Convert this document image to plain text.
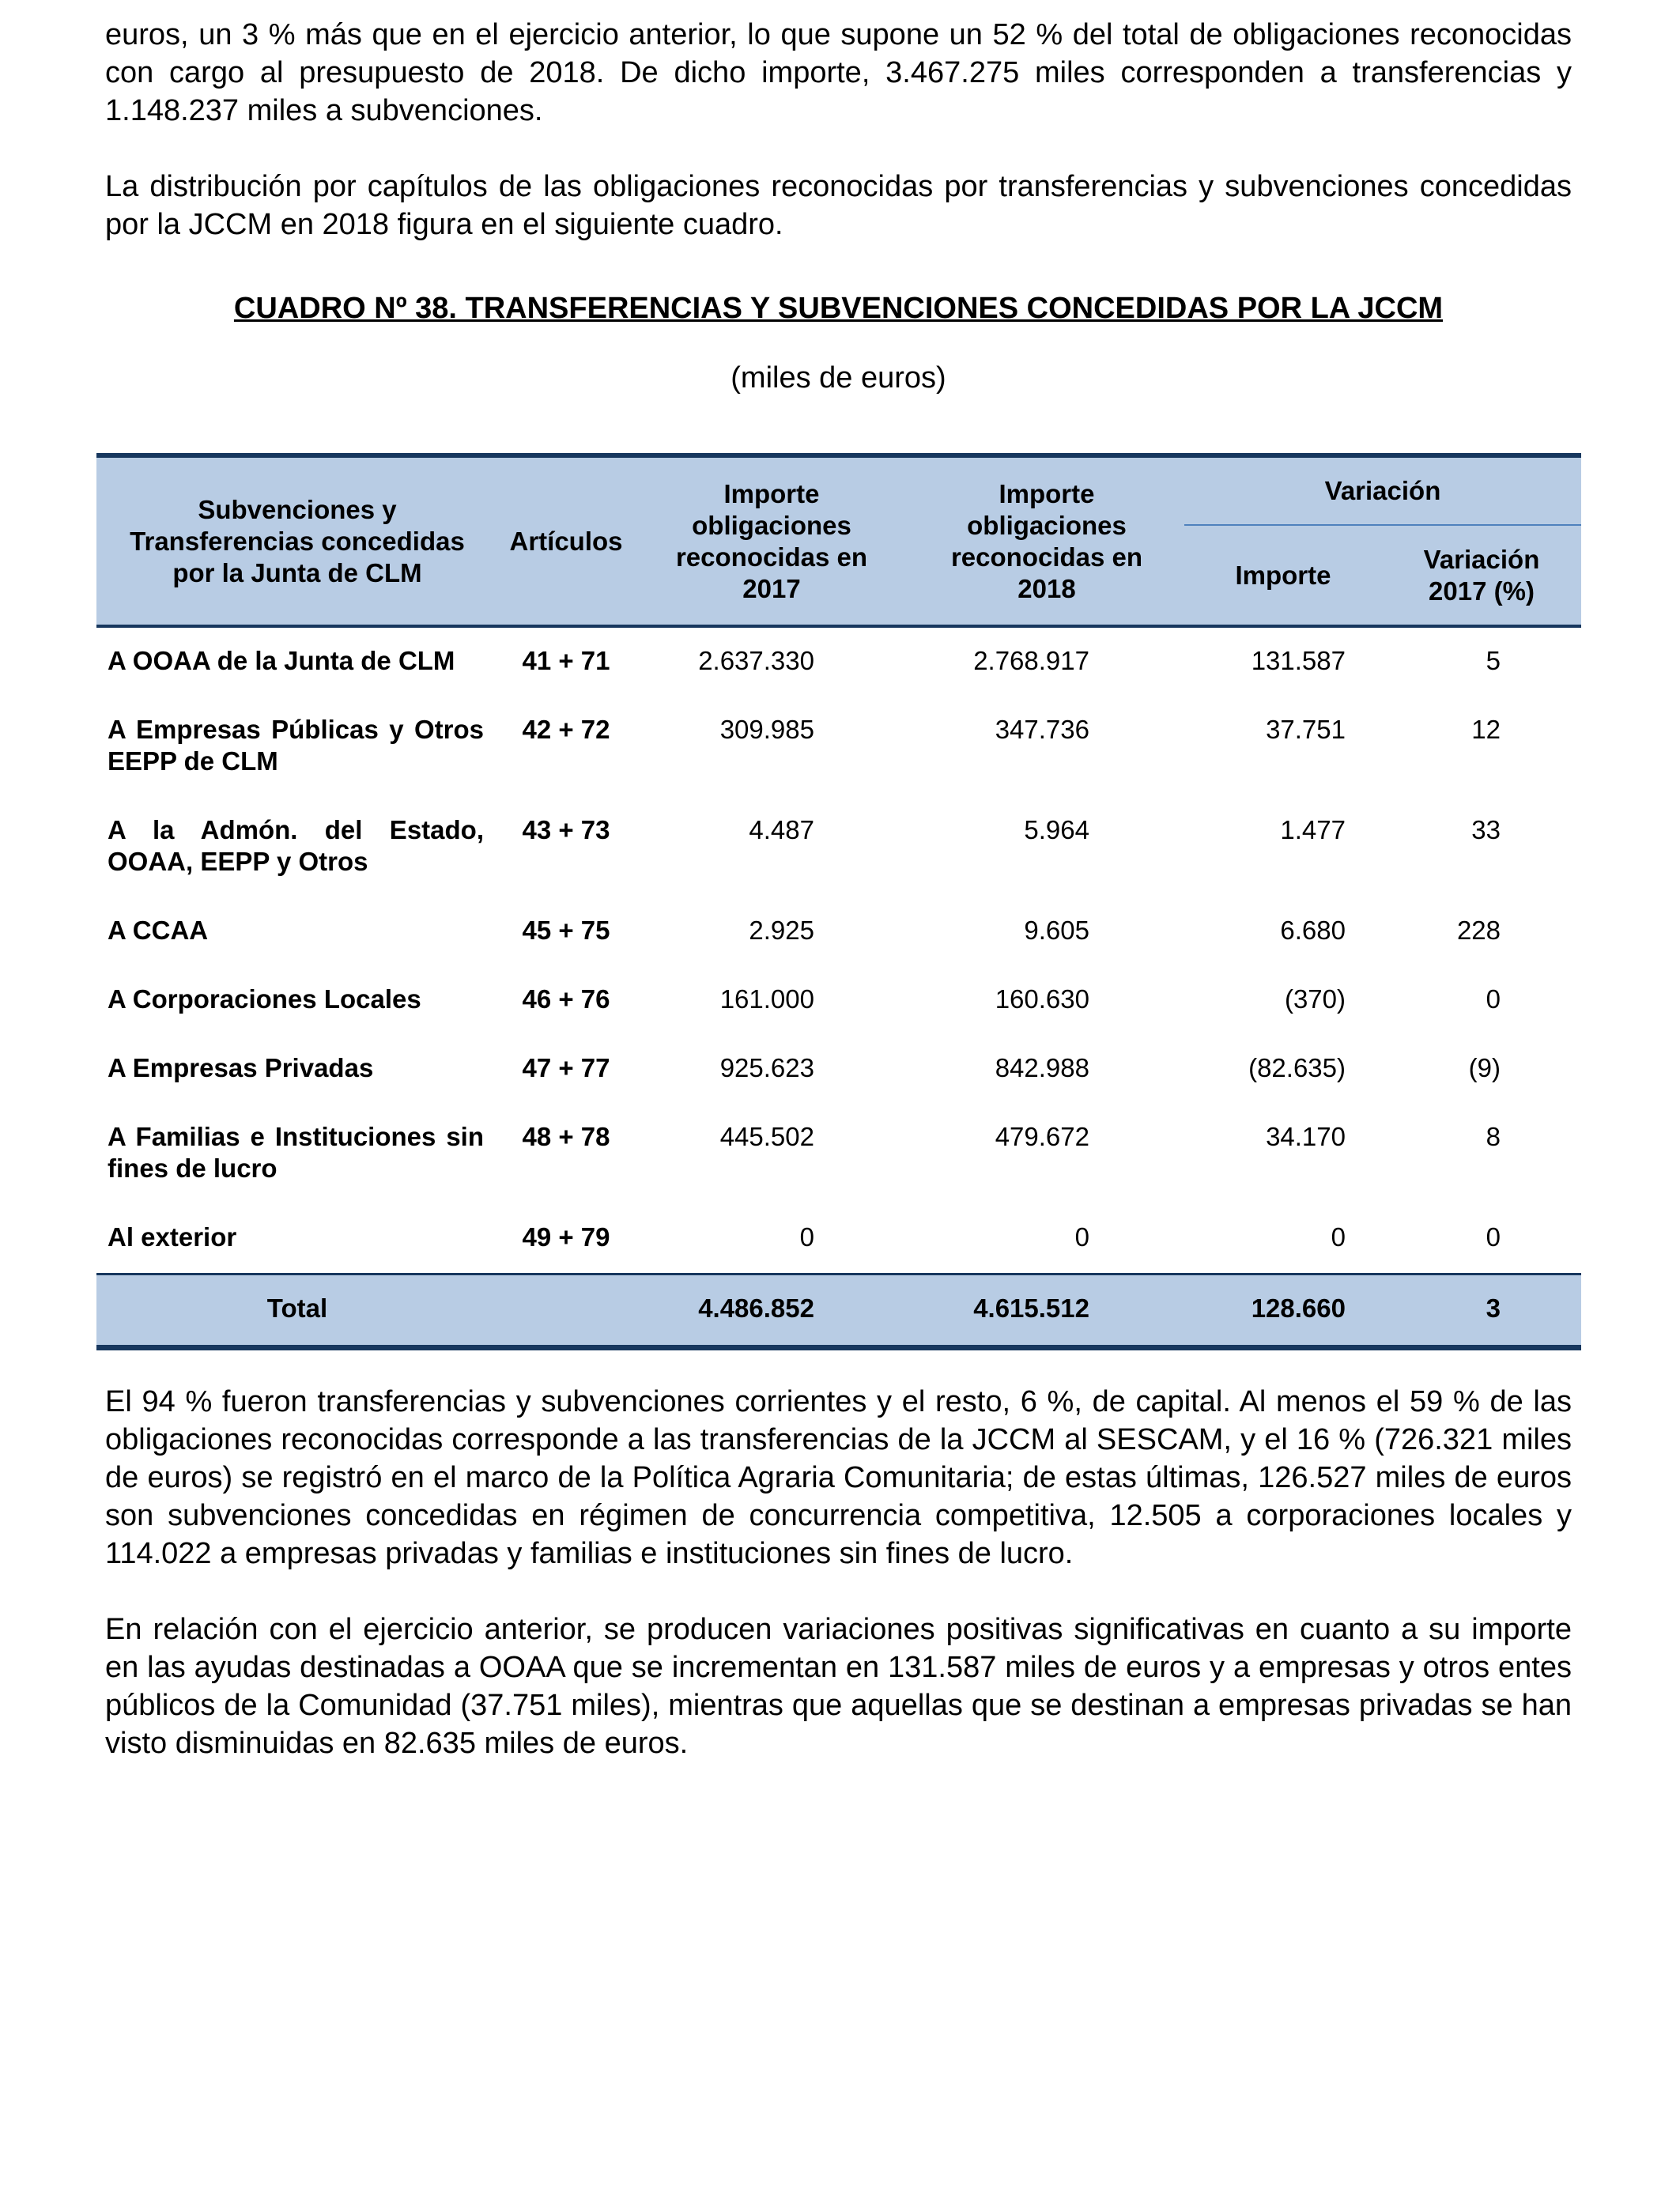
euros, un 3 % más que en el ejercicio anterior, lo que supone un 52 % del total de obligaciones reconocidas con cargo al presupuesto de 2018. De dicho importe, 3.467.275 miles corresponden a transferencias y 1.148.237 miles a subvenciones.

La distribución por capítulos de las obligaciones reconocidas por transferencias y subvenciones concedidas por la JCCM en 2018 figura en el siguiente cuadro.

CUADRO Nº 38. TRANSFERENCIAS Y SUBVENCIONES CONCEDIDAS POR LA JCCM
(miles de euros)
Subvenciones y Transferencias concedidas por la Junta de CLM	Artículos	Importe obligaciones reconocidas en 2017	Importe obligaciones reconocidas en 2018	Variación	
				Importe	Variación 2017 (%)
A OOAA de la Junta de CLM	41 + 71	2.637.330	2.768.917	131.587	5
A Empresas Públicas y Otros EEPP de CLM	42 + 72	309.985	347.736	37.751	12
A la Admón. del Estado, OOAA, EEPP y Otros	43 + 73	4.487	5.964	1.477	33
A CCAA	45 + 75	2.925	9.605	6.680	228
A Corporaciones Locales	46 + 76	161.000	160.630	(370)	0
A Empresas Privadas	47 + 77	925.623	842.988	(82.635)	(9)
A Familias e Instituciones sin fines de lucro	48 + 78	445.502	479.672	34.170	8
Al exterior	49 + 79	0	0	0	0
Total		4.486.852	4.615.512	128.660	3

El 94 % fueron transferencias y subvenciones corrientes y el resto, 6 %, de capital. Al menos el 59 % de las obligaciones reconocidas corresponde a las transferencias de la JCCM al SESCAM, y el 16 % (726.321 miles de euros) se registró en el marco de la Política Agraria Comunitaria; de estas últimas, 126.527 miles de euros son subvenciones concedidas en régimen de concurrencia competitiva, 12.505 a corporaciones locales y 114.022 a empresas privadas y familias e instituciones sin fines de lucro.

En relación con el ejercicio anterior, se producen variaciones positivas significativas en cuanto a su importe en las ayudas destinadas a OOAA que se incrementan en 131.587 miles de euros y a empresas y otros entes públicos de la Comunidad (37.751 miles), mientras que aquellas que se destinan a empresas privadas se han visto disminuidas en 82.635 miles de euros.
